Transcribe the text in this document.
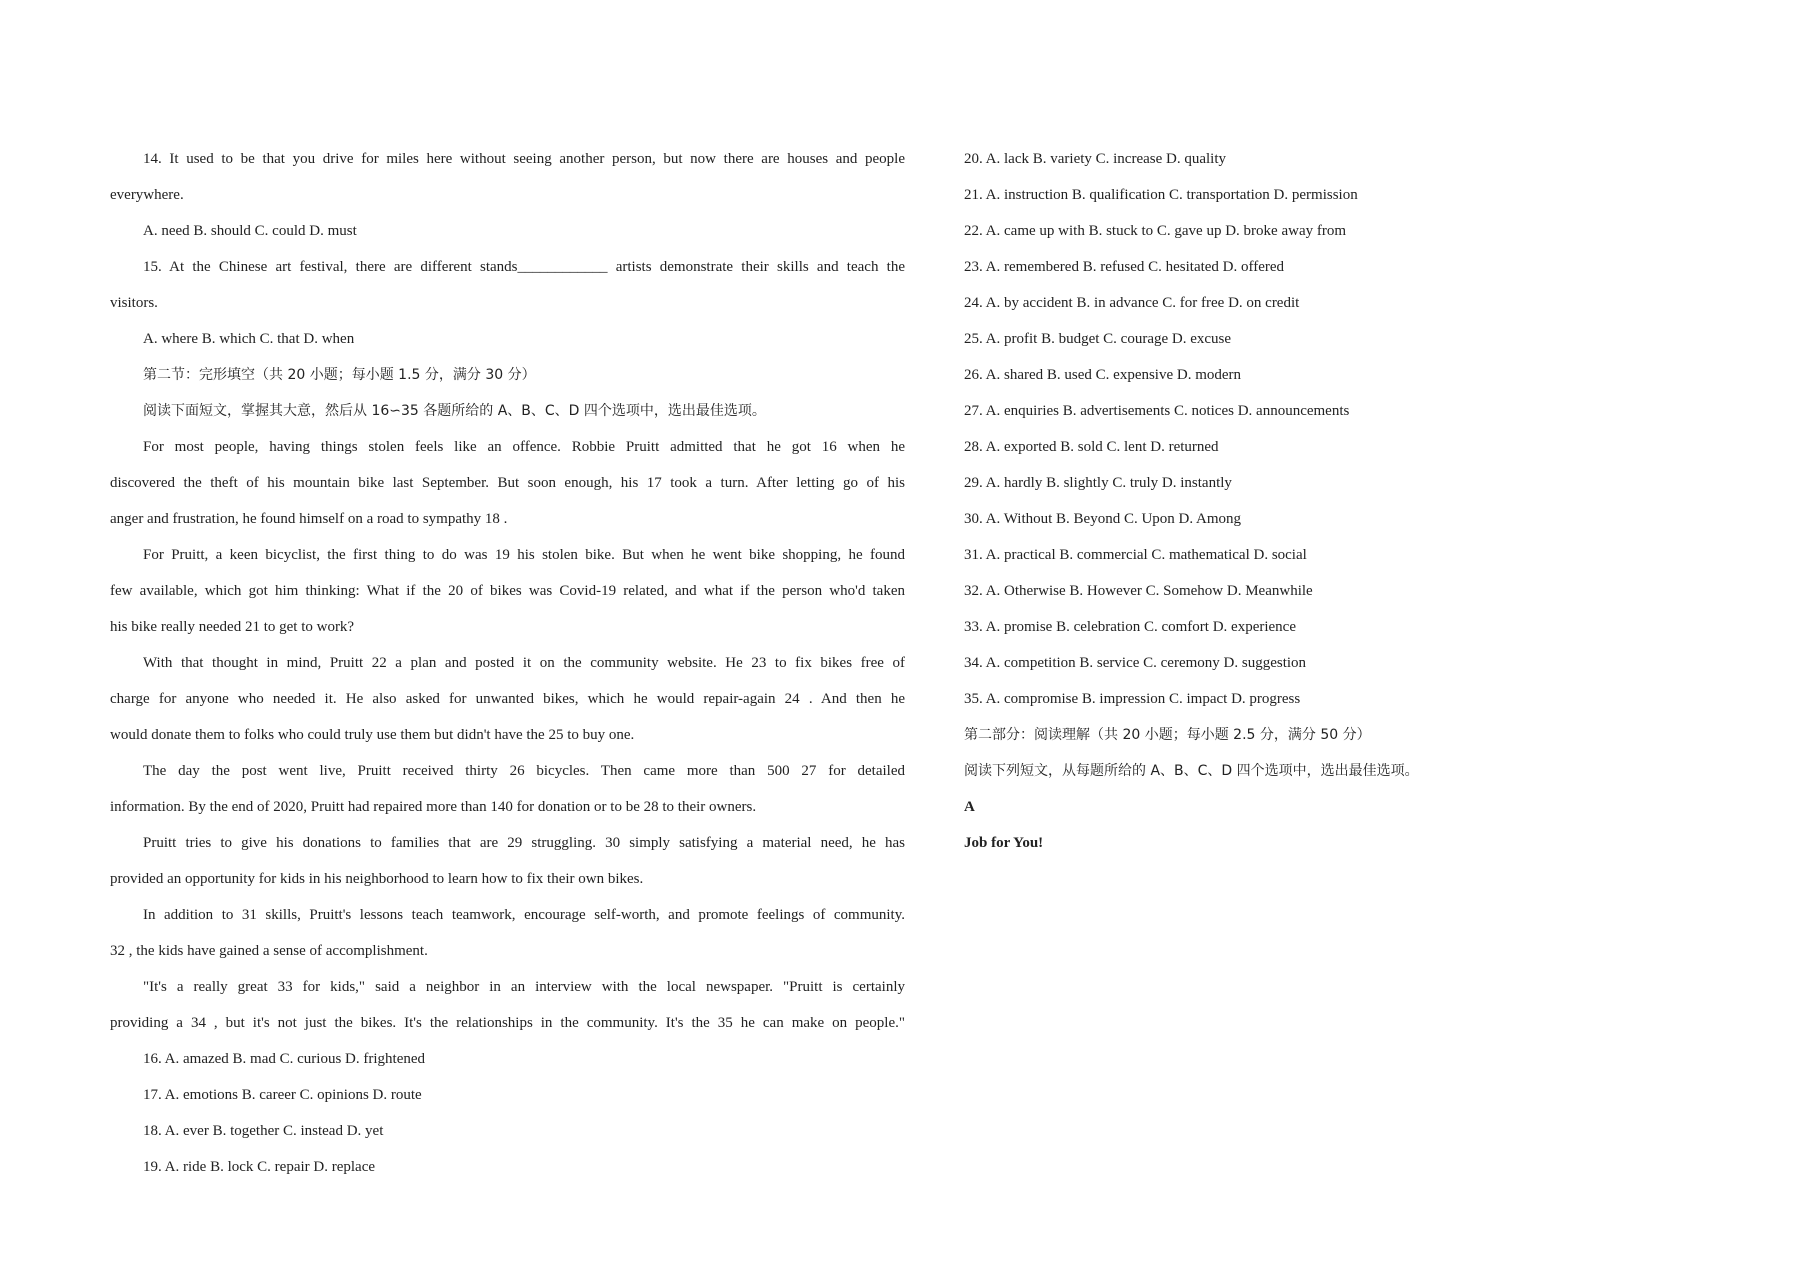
14. It used to be that you drive for miles here without seeing another person, but now there are houses and people
everywhere.
A. need B. should C. could D. must
15. At the Chinese art festival, there are different stands____________ artists demonstrate their skills and teach the
visitors.
A. where B. which C. that D. when
第二节：完形填空（共 20 小题；每小题 1.5 分，满分 30 分）
阅读下面短文，掌握其大意，然后从 16∽35 各题所给的 A、B、C、D 四个选项中，选出最佳选项。
For most people, having things stolen feels like an offence. Robbie Pruitt admitted that he got 16 when he
discovered the theft of his mountain bike last September. But soon enough, his 17 took a turn. After letting go of his
anger and frustration, he found himself on a road to sympathy 18 .
For Pruitt, a keen bicyclist, the first thing to do was 19 his stolen bike. But when he went bike shopping, he found
few available, which got him thinking: What if the 20 of bikes was Covid-19 related, and what if the person who'd taken
his bike really needed 21 to get to work?
With that thought in mind, Pruitt 22 a plan and posted it on the community website. He 23 to fix bikes free of
charge for anyone who needed it. He also asked for unwanted bikes, which he would repair-again 24 . And then he
would donate them to folks who could truly use them but didn't have the 25 to buy one.
The day the post went live, Pruitt received thirty 26 bicycles. Then came more than 500 27 for detailed
information. By the end of 2020, Pruitt had repaired more than 140 for donation or to be 28 to their owners.
Pruitt tries to give his donations to families that are 29 struggling. 30 simply satisfying a material need, he has
provided an opportunity for kids in his neighborhood to learn how to fix their own bikes.
In addition to 31 skills, Pruitt's lessons teach teamwork, encourage self-worth, and promote feelings of community.
32 , the kids have gained a sense of accomplishment.
"It's a really great 33 for kids," said a neighbor in an interview with the local newspaper. "Pruitt is certainly
providing a 34 , but it's not just the bikes. It's the relationships in the community. It's the 35 he can make on people."
16. A. amazed B. mad C. curious D. frightened
17. A. emotions B. career C. opinions D. route
18. A. ever B. together C. instead D. yet
19. A. ride B. lock C. repair D. replace
20. A. lack B. variety C. increase D. quality
21. A. instruction B. qualification C. transportation D. permission
22. A. came up with B. stuck to C. gave up D. broke away from
23. A. remembered B. refused C. hesitated D. offered
24. A. by accident B. in advance C. for free D. on credit
25. A. profit B. budget C. courage D. excuse
26. A. shared B. used C. expensive D. modern
27. A. enquiries B. advertisements C. notices D. announcements
28. A. exported B. sold C. lent D. returned
29. A. hardly B. slightly C. truly D. instantly
30. A. Without B. Beyond C. Upon D. Among
31. A. practical B. commercial C. mathematical D. social
32. A. Otherwise B. However C. Somehow D. Meanwhile
33. A. promise B. celebration C. comfort D. experience
34. A. competition B. service C. ceremony D. suggestion
35. A. compromise B. impression C. impact D. progress
第二部分：阅读理解（共 20 小题；每小题 2.5 分，满分 50 分）
阅读下列短文，从每题所给的 A、B、C、D 四个选项中，选出最佳选项。
A
Job for You!
